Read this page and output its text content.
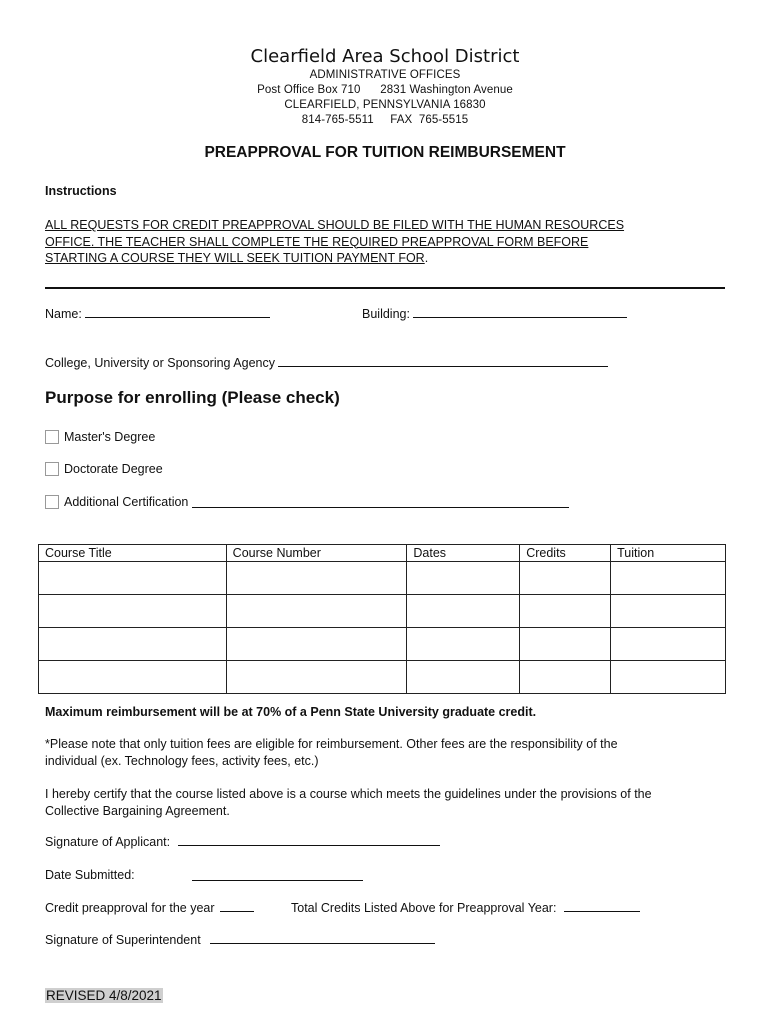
Clearfield Area School District
ADMINISTRATIVE OFFICES
Post Office Box 710      2831 Washington Avenue
CLEARFIELD, PENNSYLVANIA 16830
814-765-5511     FAX  765-5515
PREAPPROVAL FOR TUITION REIMBURSEMENT
Instructions
ALL REQUESTS FOR CREDIT PREAPPROVAL SHOULD BE FILED WITH THE HUMAN RESOURCES
OFFICE. THE TEACHER SHALL COMPLETE THE REQUIRED PREAPPROVAL FORM BEFORE
STARTING A COURSE THEY WILL SEEK TUITION PAYMENT FOR.
Name:	Building:
College, University or Sponsoring Agency
Purpose for enrolling (Please check)
Master's Degree
Doctorate Degree
Additional Certification
Course Title	Course Number	Dates	Credits	Tuition

Maximum reimbursement will be at 70% of a Penn State University graduate credit.
*Please note that only tuition fees are eligible for reimbursement. Other fees are the responsibility of the
individual (ex. Technology fees, activity fees, etc.)
I hereby certify that the course listed above is a course which meets the guidelines under the provisions of the
Collective Bargaining Agreement.
Signature of Applicant:
Date Submitted:
Credit preapproval for the year	Total Credits Listed Above for Preapproval Year:
Signature of Superintendent
REVISED 4/8/2021
